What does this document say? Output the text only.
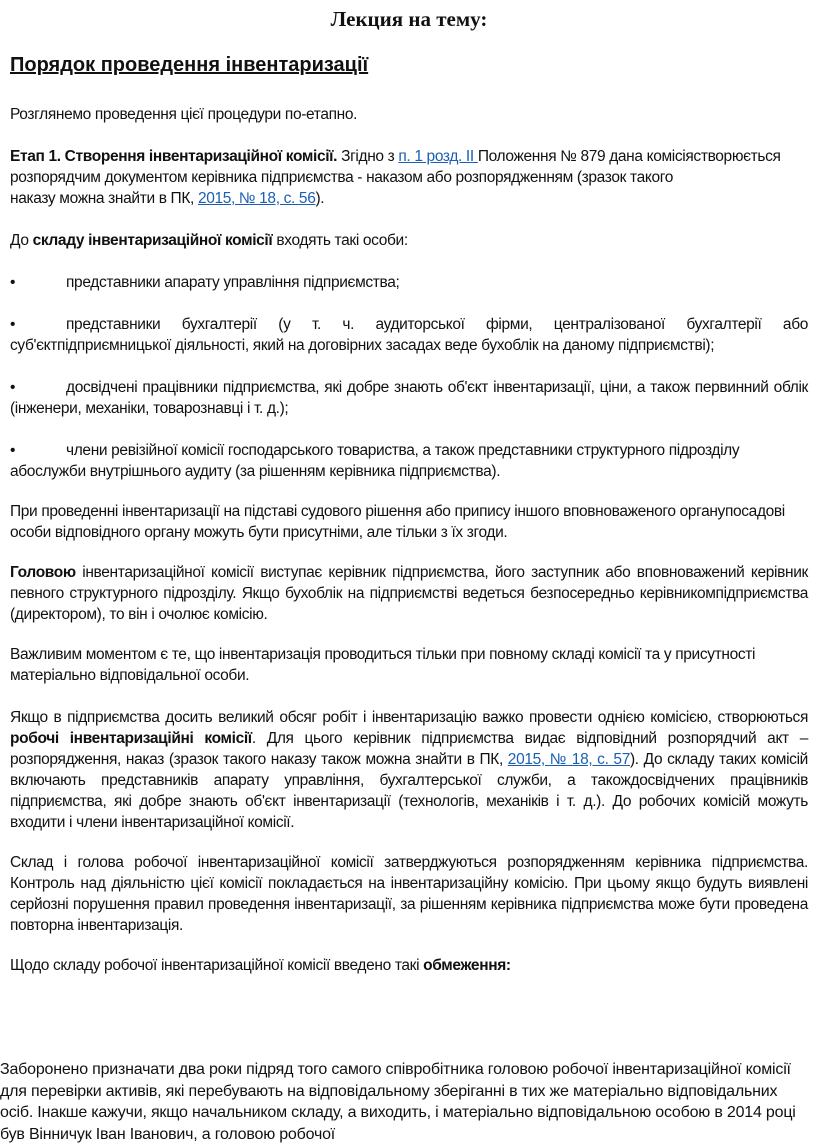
Лекция на тему:
Порядок проведення інвентаризації

Розглянемо проведення цієї процедури по-етапно.

Етап 1. Створення інвентаризаційної комісії. Згідно з п. 1 розд. ІІ Положення № 879 дана комісіястворюється розпорядчим документом керівника підприємства - наказом або розпорядженням (зразок такого
наказу можна знайти в ПК, 2015, № 18, с. 56).

До складу інвентаризаційної комісії входять такі особи:

•	представники апарату управління підприємства;

•	представники бухгалтерії (у т. ч. аудиторської фірми, централізованої бухгалтерії або суб'єктпідприємницької діяльності, який на договірних засадах веде бухоблік на даному підприємстві);

•	досвідчені працівники підприємства, які добре знають об'єкт інвентаризації, ціни, а також первинний облік (інженери, механіки, товарознавці і т. д.);

•	члени ревізійної комісії господарського товариства, а також представники структурного підрозділу абослужби внутрішнього аудиту (за рішенням керівника підприємства).

При проведенні інвентаризації на підставі судового рішення або припису іншого вповноваженого органупосадові особи відповідного органу можуть бути присутніми, але тільки з їх згоди.

Головою інвентаризаційної комісії виступає керівник підприємства, його заступник або вповноважений керівник певного структурного підрозділу. Якщо бухоблік на підприємстві ведеться безпосередньо керівникомпідприємства (директором), то він і очолює комісію.

Важливим моментом є те, що інвентаризація проводиться тільки при повному складі комісії та у присутності матеріально відповідальної особи.

Якщо в підприємства досить великий обсяг робіт і інвентаризацію важко провести однією комісією, створюються робочі інвентаризаційні комісії. Для цього керівник підприємства видає відповідний розпорядчий акт – розпорядження, наказ (зразок такого наказу також можна знайти в ПК, 2015, № 18, с. 57). До складу таких комісій включають представників апарату управління, бухгалтерської служби, а такождосвідчених працівників підприємства, які добре знають об'єкт інвентаризації (технологів, механіків і т. д.). До робочих комісій можуть входити і члени інвентаризаційної комісії.

Склад і голова робочої інвентаризаційної комісії затверджуються розпорядженням керівника підприємства. Контроль над діяльністю цієї комісії покладається на інвентаризаційну комісію. При цьому якщо будуть виявлені серйозні порушення правил проведення інвентаризації, за рішенням керівника підприємства може бути проведена повторна інвентаризація.

Щодо складу робочої інвентаризаційної комісії введено такі обмеження:

Заборонено призначати два роки підряд того самого співробітника головою робочої інвентаризаційної комісії для перевірки активів, які перебувають на відповідальному зберіганні в тих же матеріально відповідальних осіб. Інакше кажучи, якщо начальником складу, а виходить, і матеріально відповідальною особою в 2014 році був Вінничук Іван Іванович, а головою робочої
